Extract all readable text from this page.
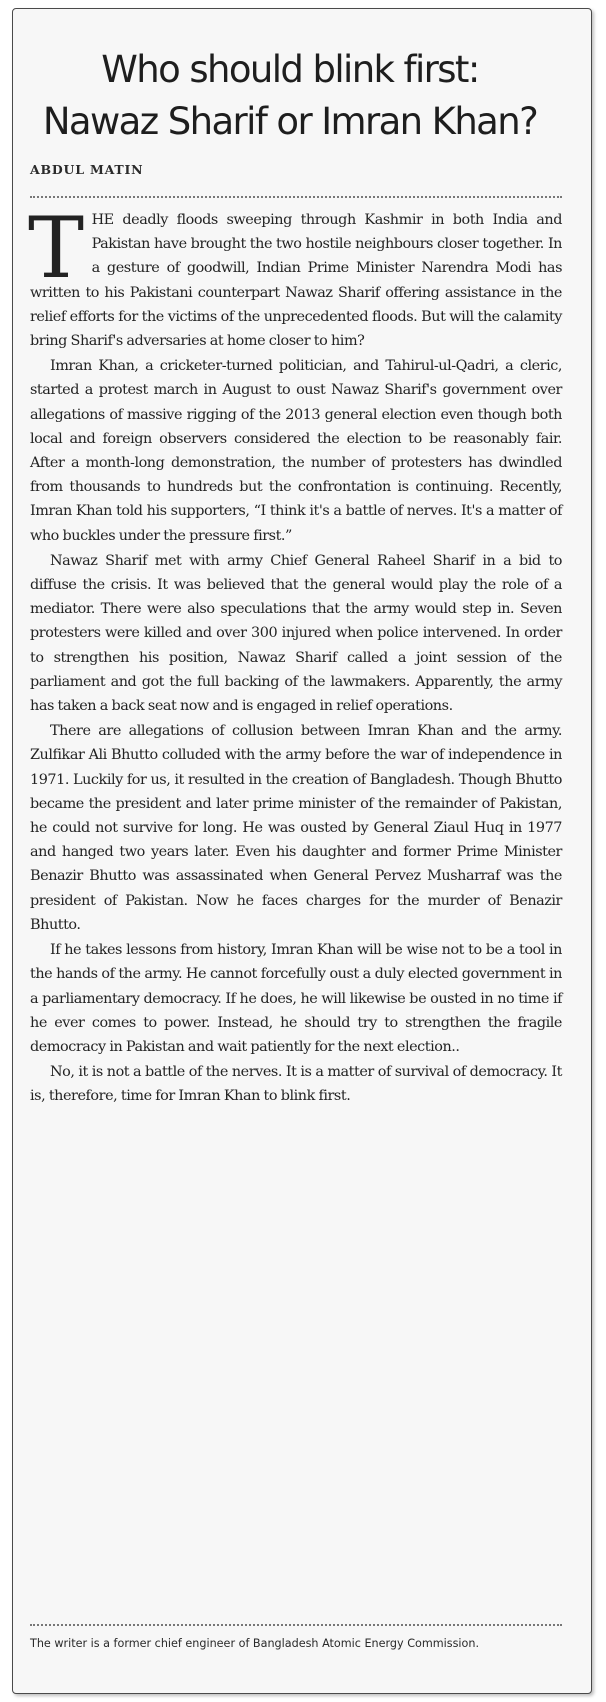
Who should blink first:
Nawaz Sharif or Imran Khan?

ABDUL MATIN

THE deadly floods sweeping through Kashmir in both India and Pakistan have brought the two hostile neighbours closer together. In a gesture of goodwill, Indian Prime Minister Narendra Modi has written to his Pakistani counterpart Nawaz Sharif offering assistance in the relief efforts for the victims of the unprecedented floods. But will the calamity bring Sharif's adversaries at home closer to him?

Imran Khan, a cricketer-turned politician, and Tahirul-ul-Qadri, a cleric, started a protest march in August to oust Nawaz Sharif's government over allegations of massive rigging of the 2013 general election even though both local and foreign observers considered the election to be reasonably fair. After a month-long demonstration, the number of protesters has dwindled from thousands to hundreds but the confrontation is continuing. Recently, Imran Khan told his supporters, “I think it's a battle of nerves. It's a matter of who buckles under the pressure first.”

Nawaz Sharif met with army Chief General Raheel Sharif in a bid to diffuse the crisis. It was believed that the general would play the role of a mediator. There were also speculations that the army would step in. Seven protesters were killed and over 300 injured when police intervened. In order to strengthen his position, Nawaz Sharif called a joint session of the parliament and got the full backing of the lawmakers. Apparently, the army has taken a back seat now and is engaged in relief operations.

There are allegations of collusion between Imran Khan and the army. Zulfikar Ali Bhutto colluded with the army before the war of independence in 1971. Luckily for us, it resulted in the creation of Bangladesh. Though Bhutto became the president and later prime minister of the remainder of Pakistan, he could not survive for long. He was ousted by General Ziaul Huq in 1977 and hanged two years later. Even his daughter and former Prime Minister Benazir Bhutto was assassinated when General Pervez Musharraf was the president of Pakistan. Now he faces charges for the murder of Benazir Bhutto.

If he takes lessons from history, Imran Khan will be wise not to be a tool in the hands of the army. He cannot forcefully oust a duly elected government in a parliamentary democracy. If he does, he will likewise be ousted in no time if he ever comes to power. Instead, he should try to strengthen the fragile democracy in Pakistan and wait patiently for the next election..

No, it is not a battle of the nerves. It is a matter of survival of democracy. It is, therefore, time for Imran Khan to blink first.

The writer is a former chief engineer of Bangladesh Atomic Energy Commission.
